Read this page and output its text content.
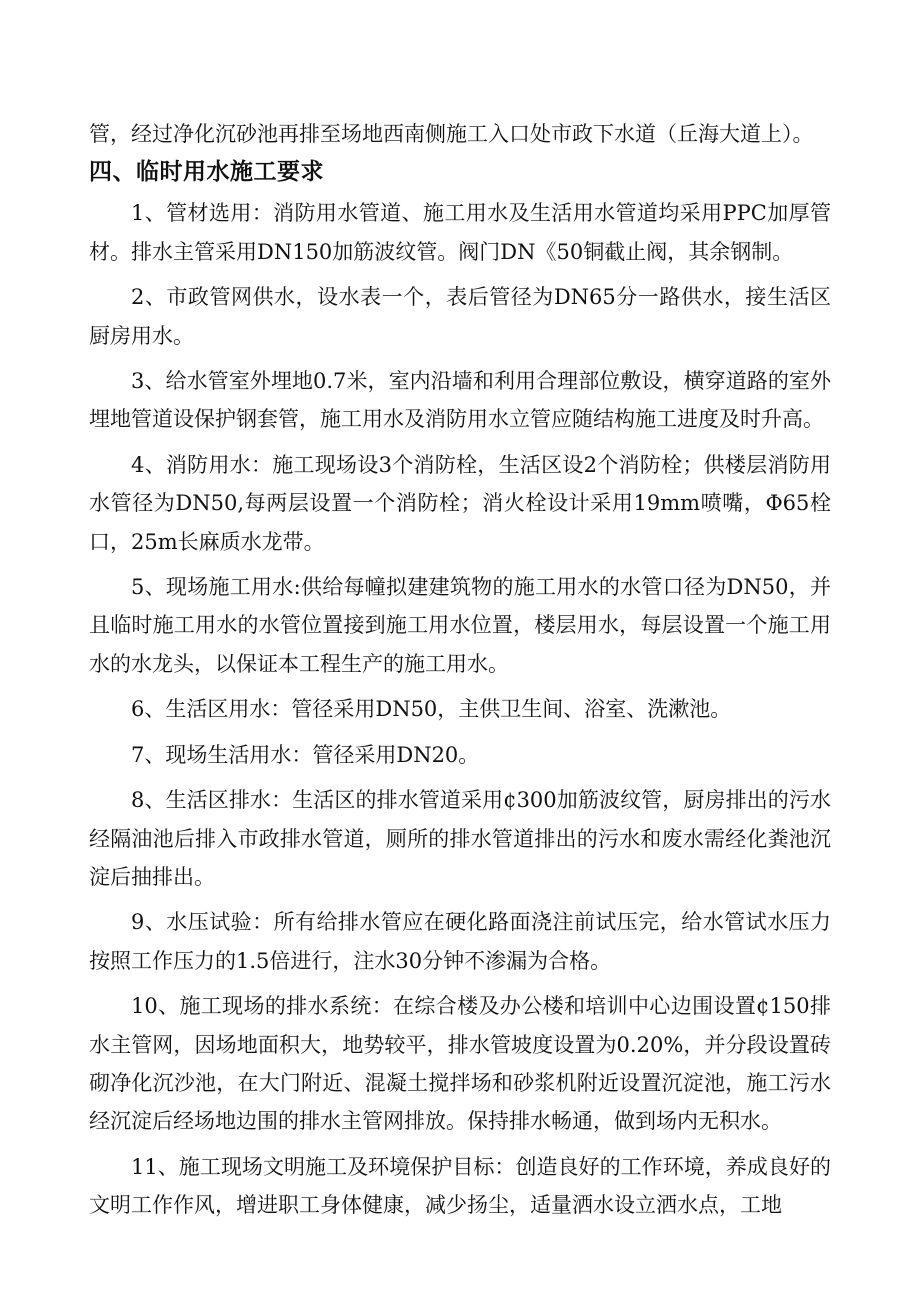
管，经过净化沉砂池再排至场地西南侧施工入口处市政下水道（丘海大道上）。

四、临时用水施工要求

1、管材选用：消防用水管道、施工用水及生活用水管道均采用PPC加厚管材。排水主管采用DN150加筋波纹管。阀门DN《50铜截止阀，其余钢制。

2、市政管网供水，设水表一个，表后管径为DN65分一路供水，接生活区厨房用水。

3、给水管室外埋地0.7米，室内沿墙和利用合理部位敷设，横穿道路的室外埋地管道设保护钢套管，施工用水及消防用水立管应随结构施工进度及时升高。

4、消防用水：施工现场设3个消防栓，生活区设2个消防栓；供楼层消防用水管径为DN50,每两层设置一个消防栓；消火栓设计采用19mm喷嘴，Φ65栓口，25m长麻质水龙带。

5、现场施工用水:供给每幢拟建建筑物的施工用水的水管口径为DN50，并且临时施工用水的水管位置接到施工用水位置，楼层用水，每层设置一个施工用水的水龙头，以保证本工程生产的施工用水。

6、生活区用水：管径采用DN50，主供卫生间、浴室、洗漱池。

7、现场生活用水：管径采用DN20。

8、生活区排水：生活区的排水管道采用¢300加筋波纹管，厨房排出的污水经隔油池后排入市政排水管道，厕所的排水管道排出的污水和废水需经化粪池沉淀后抽排出。

9、水压试验：所有给排水管应在硬化路面浇注前试压完，给水管试水压力按照工作压力的1.5倍进行，注水30分钟不渗漏为合格。

10、施工现场的排水系统：在综合楼及办公楼和培训中心边围设置¢150排水主管网，因场地面积大，地势较平，排水管坡度设置为0.20%，并分段设置砖砌净化沉沙池，在大门附近、混凝土搅拌场和砂浆机附近设置沉淀池，施工污水经沉淀后经场地边围的排水主管网排放。保持排水畅通，做到场内无积水。

11、施工现场文明施工及环境保护目标：创造良好的工作环境，养成良好的文明工作作风，增进职工身体健康，减少扬尘，适量洒水设立洒水点，工地
